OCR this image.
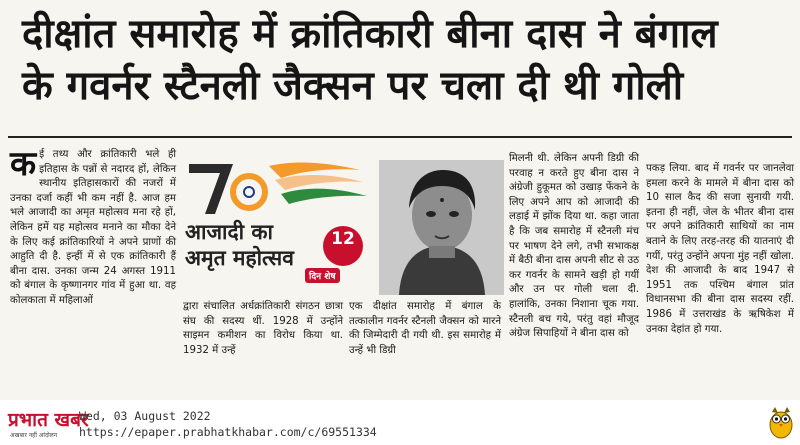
दीक्षांत समारोह में क्रांतिकारी बीना दास ने बंगाल
के गवर्नर स्टैनली जैक्सन पर चला दी थी गोली
क ई तथ्य और क्रांतिकारी भले ही इतिहास के पन्नों से नदारद हों, लेकिन स्थानीय इतिहासकारों की नजरों में उनका दर्जा कहीं भी कम नहीं है. आज हम भले आजादी का अमृत महोत्सव मना रहे हों, लेकिन हमें यह महोत्सव मनाने का मौका देने के लिए कई क्रांतिकारियों ने अपने प्राणों की आहुति दी है. इन्हीं में से एक क्रांतिकारी हैं बीना दास. उनका जन्म 24 अगस्त 1911 को बंगाल के कृष्णानगर गांव में हुआ था. वह कोलकाता में महिलाओं
आजादी का
अमृत महोत्सव
12
दिन शेष
द्वारा संचालित अर्धक्रांतिकारी संगठन छात्रा संघ की सदस्य थीं. 1928 में उन्होंने साइमन कमीशन का विरोध किया था. 1932 में उन्हें
एक दीक्षांत समारोह में बंगाल के तत्कालीन गवर्नर स्टैनली जैक्सन को मारने की जिम्मेदारी दी गयी थी. इस समारोह में उन्हें भी डिग्री
मिलनी थी. लेकिन अपनी डिग्री की परवाह न करते हुए बीना दास ने अंग्रेजी हुकूमत को उखाड़ फेंकने के लिए अपने आप को आजादी की लड़ाई में झोंक दिया था. कहा जाता है कि जब समारोह में स्टैनली मंच पर भाषण देने लगे, तभी सभाकक्ष में बैठी बीना दास अपनी सीट से उठ कर गवर्नर के सामने खड़ी हो गयीं और उन पर गोली चला दी. हालांकि, उनका निशाना चूक गया. स्टैनली बच गये, परंतु वहां मौजूद अंग्रेज सिपाहियों ने बीना दास को
पकड़ लिया. बाद में गवर्नर पर जानलेवा हमला करने के मामले में बीना दास को 10 साल कैद की सजा सुनायी गयी. इतना ही नहीं, जेल के भीतर बीना दास पर अपने क्रांतिकारी साथियों का नाम बताने के लिए तरह-तरह की यातनाएं दी गयीं, परंतु उन्होंने अपना मुंह नहीं खोला. देश की आजादी के बाद 1947 से 1951 तक पश्चिम बंगाल प्रांत विधानसभा की बीना दास सदस्य रहीं. 1986 में उत्तराखंड के ऋषिकेश में उनका देहांत हो गया.
प्रभात खबर
अखबार नहीं आंदोलन
Wed, 03 August 2022
https://epaper.prabhatkhabar.com/c/69551334
